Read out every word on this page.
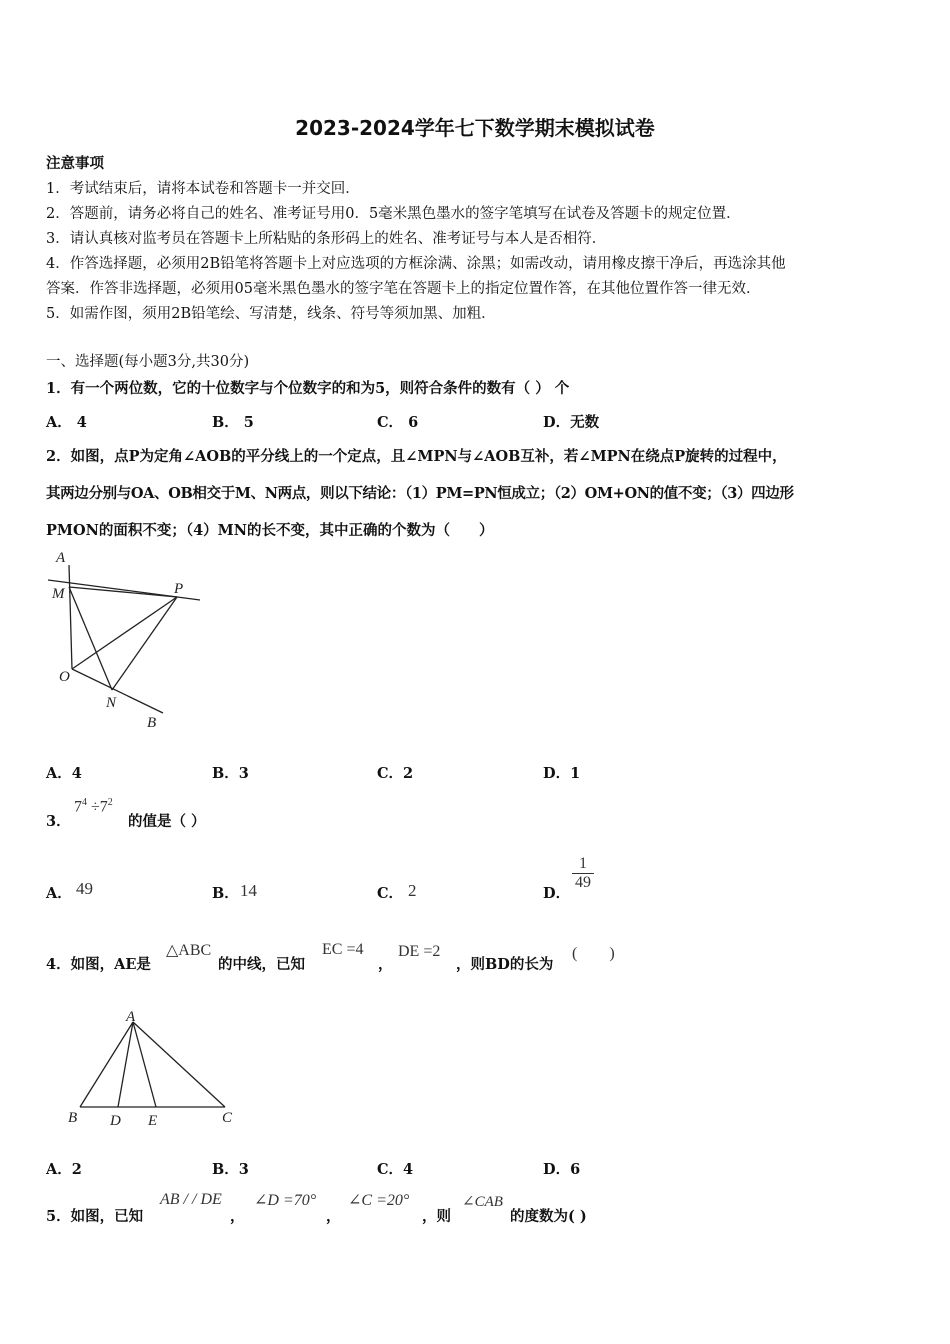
2023-2024学年七下数学期末模拟试卷
注意事项
1．考试结束后，请将本试卷和答题卡一并交回．
2．答题前，请务必将自己的姓名、准考证号用0．5毫米黑色墨水的签字笔填写在试卷及答题卡的规定位置．
3．请认真核对监考员在答题卡上所粘贴的条形码上的姓名、准考证号与本人是否相符．
4．作答选择题，必须用2B铅笔将答题卡上对应选项的方框涂满、涂黑；如需改动，请用橡皮擦干净后，再选涂其他
答案．作答非选择题，必须用05毫米黑色墨水的签字笔在答题卡上的指定位置作答，在其他位置作答一律无效．
5．如需作图，须用2B铅笔绘、写清楚，线条、符号等须加黑、加粗．
一、选择题(每小题3分,共30分)
1．有一个两位数，它的十位数字与个位数字的和为5，则符合条件的数有（ ） 个
A． 4	B． 5	C． 6	D．无数
2．如图，点P为定角∠AOB的平分线上的一个定点，且∠MPN与∠AOB互补，若∠MPN在绕点P旋转的过程中，
其两边分别与OA、OB相交于M、N两点，则以下结论：（1）PM=PN恒成立；（2）OM+ON的值不变；（3）四边形
PMON的面积不变；（4）MN的长不变，其中正确的个数为（　　）
A
M	P
O
N
B
A．4	B．3	C．2	D．1
3．
$7^4 \div 7^2$
的值是（ ）
A． 49	B． 14	C． 2	D．
$\frac{1}{49}$
4．如图，AE是
△ABC
的中线，已知
EC =4
，
DE =2
，则BD的长为
(　　)
A
B D E	C
A．2	B．3	C．4	D．6
5．如图，已知
AB / / DE
，
∠D =70°
，
∠C =20°
，则
∠CAB
的度数为( )
